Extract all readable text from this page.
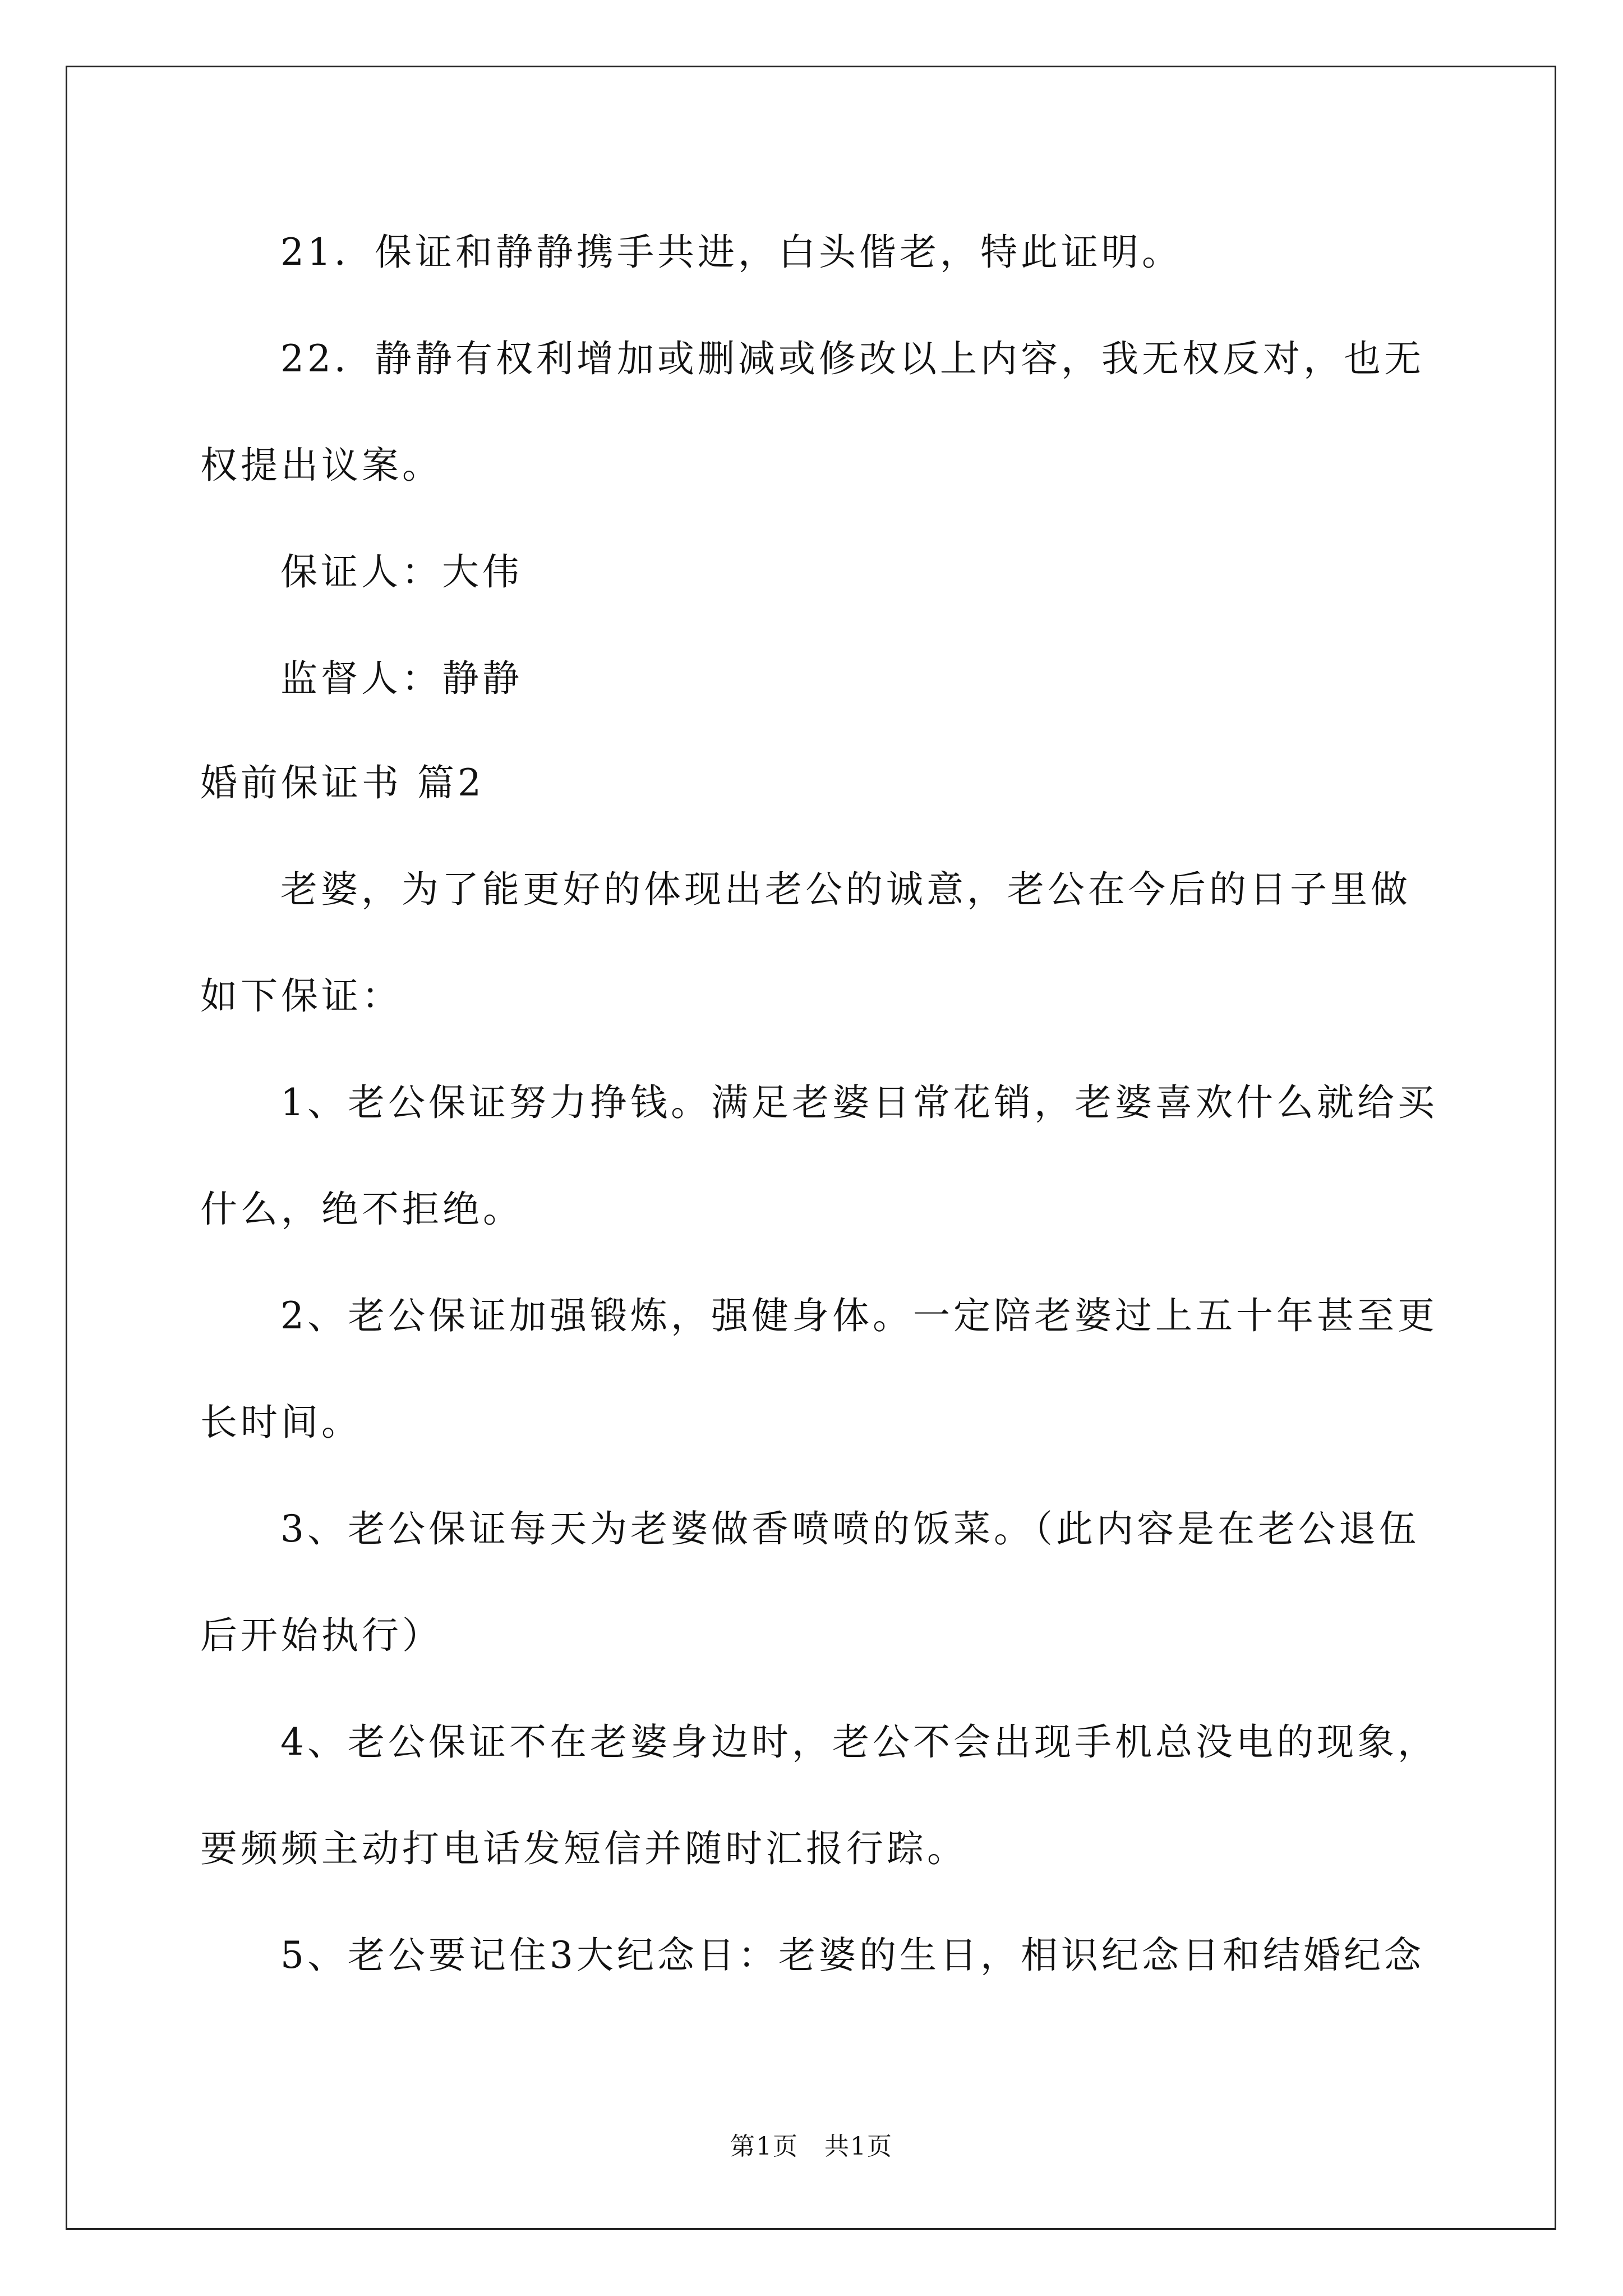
21．保证和静静携手共进，白头偕老，特此证明。

22．静静有权利增加或删减或修改以上内容，我无权反对，也无

权提出议案。

保证人：大伟

监督人：静静

婚前保证书 篇2

老婆，为了能更好的体现出老公的诚意，老公在今后的日子里做

如下保证：

1、老公保证努力挣钱。满足老婆日常花销，老婆喜欢什么就给买

什么，绝不拒绝。

2、老公保证加强锻炼，强健身体。一定陪老婆过上五十年甚至更

长时间。

3、老公保证每天为老婆做香喷喷的饭菜。（此内容是在老公退伍

后开始执行）

4、老公保证不在老婆身边时，老公不会出现手机总没电的现象，

要频频主动打电话发短信并随时汇报行踪。

5、老公要记住3大纪念日：老婆的生日，相识纪念日和结婚纪念

第1页　共1页
